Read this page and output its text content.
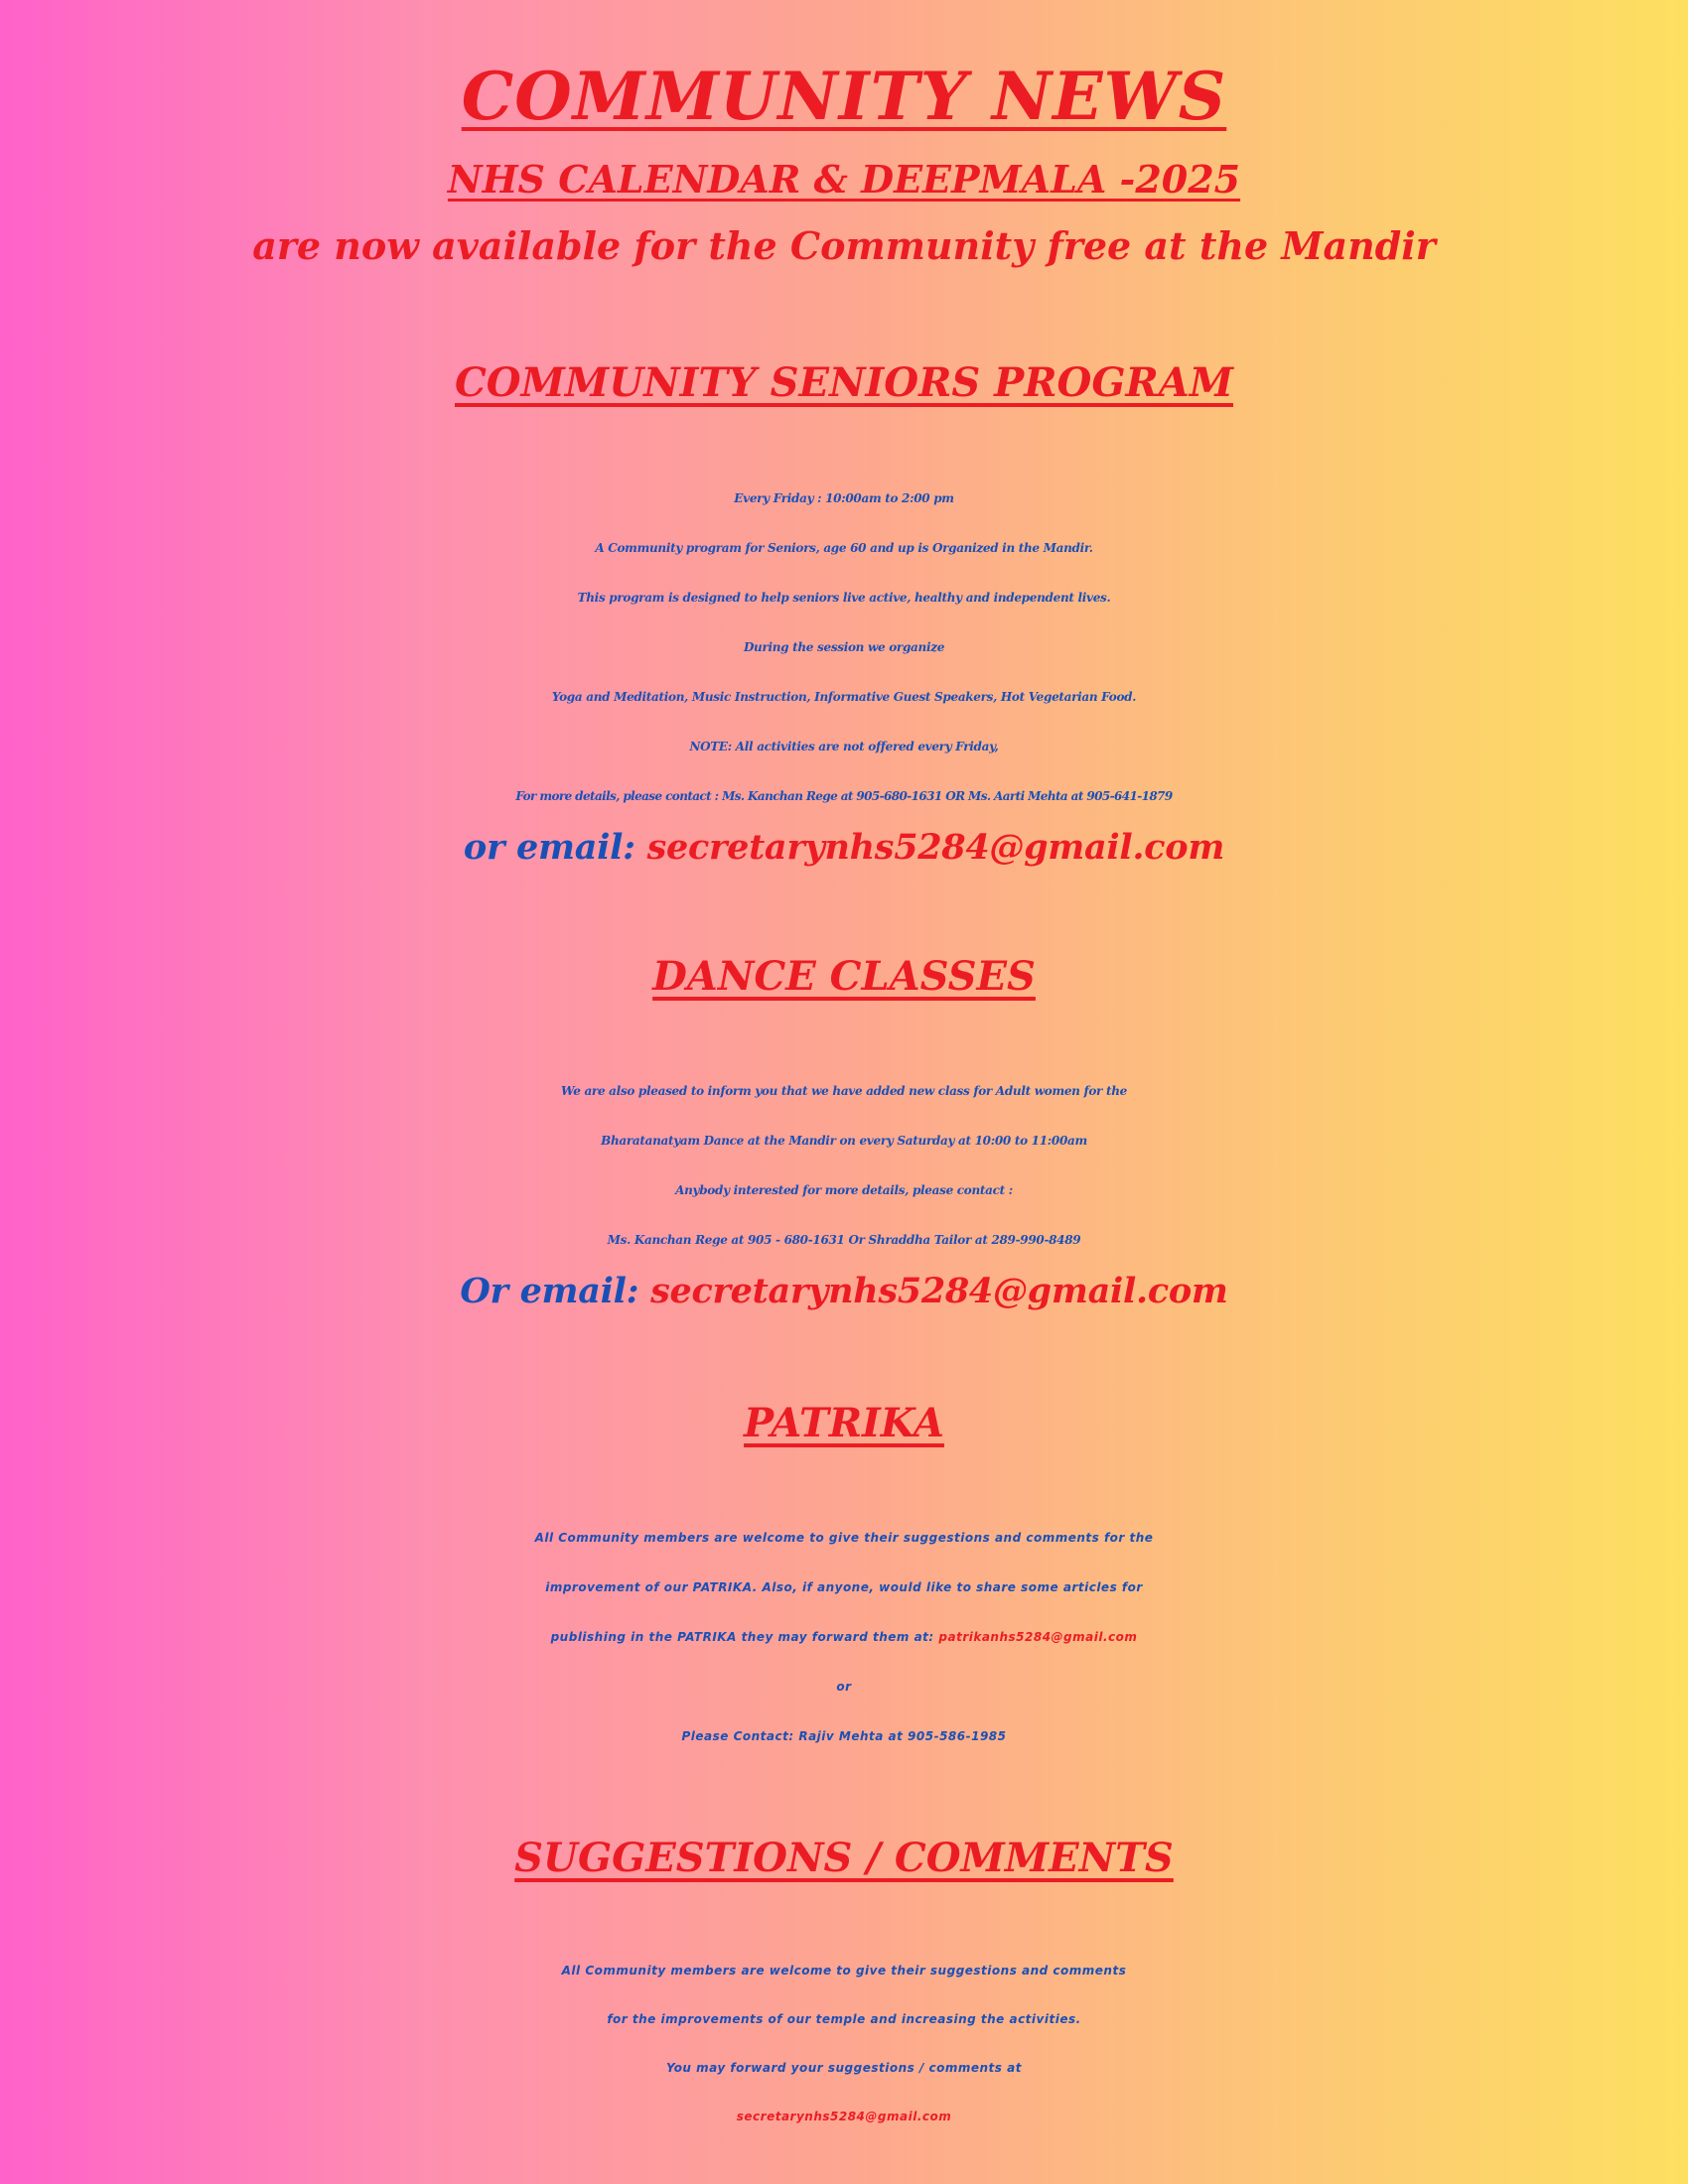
COMMUNITY NEWS
NHS CALENDAR & DEEPMALA -2025
are now available for the Community free at the Mandir
COMMUNITY SENIORS PROGRAM
Every Friday : 10:00am to 2:00 pm
A Community program for Seniors, age 60 and up is Organized in the Mandir.
This program is designed to help seniors live active, healthy and independent lives.
During the session we organize
Yoga and Meditation, Music Instruction, Informative Guest Speakers, Hot Vegetarian Food.
NOTE: All activities are not offered every Friday,
For more details, please contact : Ms. Kanchan Rege at 905-680-1631 OR Ms. Aarti Mehta at 905-641-1879
or email: secretarynhs5284@gmail.com
DANCE CLASSES
We are also pleased to inform you that we have added new class for Adult women for the
Bharatanatyam Dance at the Mandir on every Saturday at 10:00 to 11:00am
Anybody interested for more details, please contact :
Ms. Kanchan Rege at 905 - 680-1631 Or Shraddha Tailor at 289-990-8489
Or email: secretarynhs5284@gmail.com
PATRIKA
All Community members are welcome to give their suggestions and comments for the
improvement of our PATRIKA. Also, if anyone, would like to share some articles for
publishing in the PATRIKA they may forward them at: patrikanhs5284@gmail.com
or
Please Contact: Rajiv Mehta at 905-586-1985
SUGGESTIONS / COMMENTS
All Community members are welcome to give their suggestions and comments
for the improvements of our temple and increasing the activities.
You may forward your suggestions / comments at
secretarynhs5284@gmail.com
